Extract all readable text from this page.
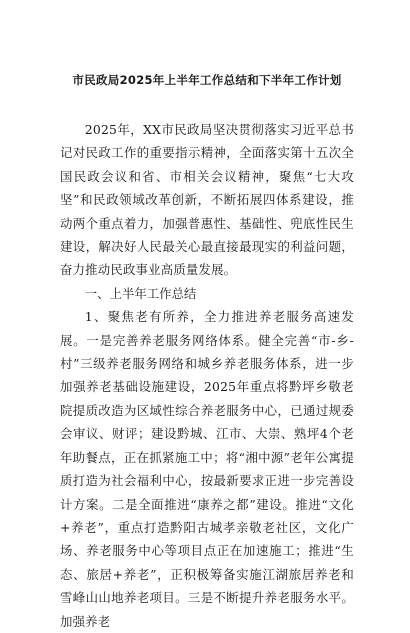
市民政局2025年上半年工作总结和下半年工作计划

2025年，XX市民政局坚决贯彻落实习近平总书记对民政工作的重要指示精神，全面落实第十五次全国民政会议和省、市相关会议精神，聚焦“七大攻坚”和民政领域改革创新，不断拓展四体系建设，推动两个重点着力，加强普惠性、基础性、兜底性民生建设，解决好人民最关心最直接最现实的利益问题，奋力推动民政事业高质量发展。

一、上半年工作总结

1、聚焦老有所养，全力推进养老服务高速发展。一是完善养老服务网络体系。健全完善“市-乡-村”三级养老服务网络和城乡养老服务体系，进一步加强养老基础设施建设，2025年重点将黔坪乡敬老院提质改造为区域性综合养老服务中心，已通过规委会审议、财评；建设黔城、江市、大崇、熟坪4个老年助餐点，正在抓紧施工中；将“湘中源”老年公寓提质打造为社会福利中心，按最新要求正进一步完善设计方案。二是全面推进“康养之都”建设。推进“文化+养老”，重点打造黔阳古城孝亲敬老社区，文化广场、养老服务中心等项目点正在加速施工；推进“生态、旅居+养老”，正积极筹备实施江湖旅居养老和雪峰山山地养老项目。三是不断提升养老服务水平。加强养老
